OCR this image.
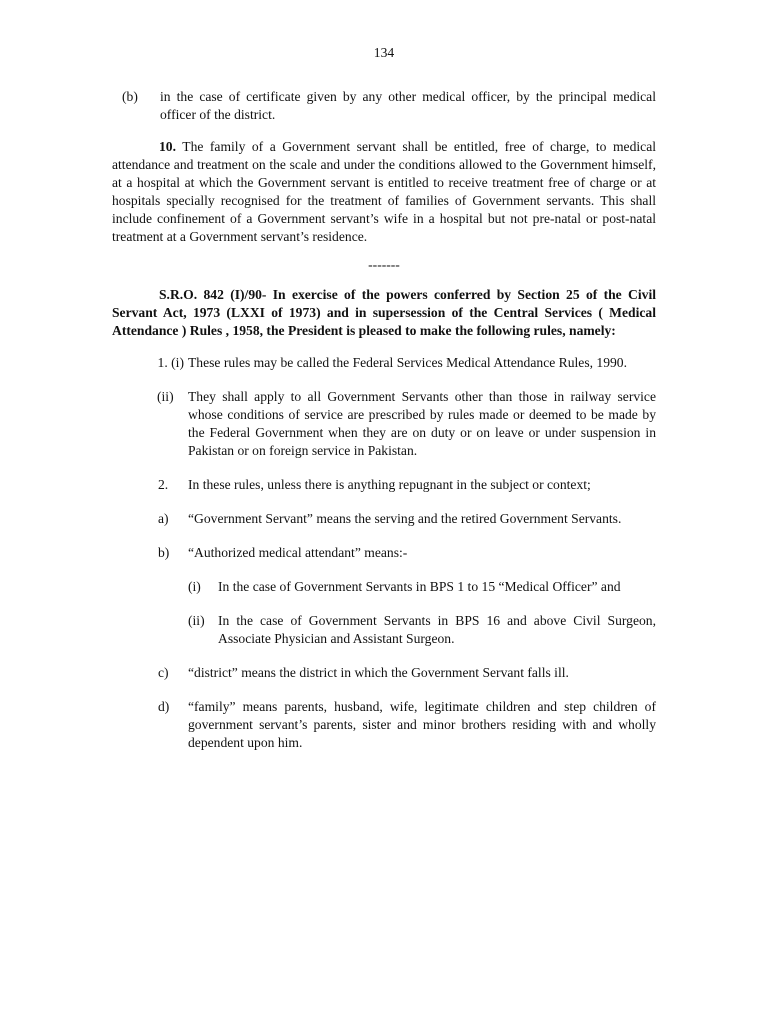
134
(b)	in the case of certificate given by any other medical officer, by the principal medical officer of the district.
10. The family of a Government servant shall be entitled, free of charge, to medical attendance and treatment on the scale and under the conditions allowed to the Government himself, at a hospital at which the Government servant is entitled to receive treatment free of charge or at hospitals specially recognised for the treatment of families of Government servants. This shall include confinement of a Government servant’s wife in a hospital but not pre-natal or post-natal treatment at a Government servant’s residence.
-------
S.R.O. 842 (I)/90- In exercise of the powers conferred by Section 25 of the Civil Servant Act, 1973 (LXXI of 1973) and in supersession of the Central Services ( Medical Attendance ) Rules , 1958, the President is pleased to make the following rules, namely:
1. (i) These rules may be called the Federal Services Medical Attendance Rules, 1990.
(ii)	They shall apply to all Government Servants other than those in railway service whose conditions of service are prescribed by rules made or deemed to be made by the Federal Government when they are on duty or on leave or under suspension in Pakistan or on foreign service in Pakistan.
2.	In these rules, unless there is anything repugnant in the subject or context;
a)	“Government Servant” means the serving and the retired Government Servants.
b)	“Authorized medical attendant” means:-
(i)	In the case of Government Servants in BPS 1 to 15 “Medical Officer” and
(ii) In the case of Government Servants in BPS 16 and above Civil Surgeon, Associate Physician and Assistant Surgeon.
c)	“district” means the district in which the Government Servant falls ill.
d)	“family” means parents, husband, wife, legitimate children and step children of government servant’s parents, sister and minor brothers residing with and wholly dependent upon him.
